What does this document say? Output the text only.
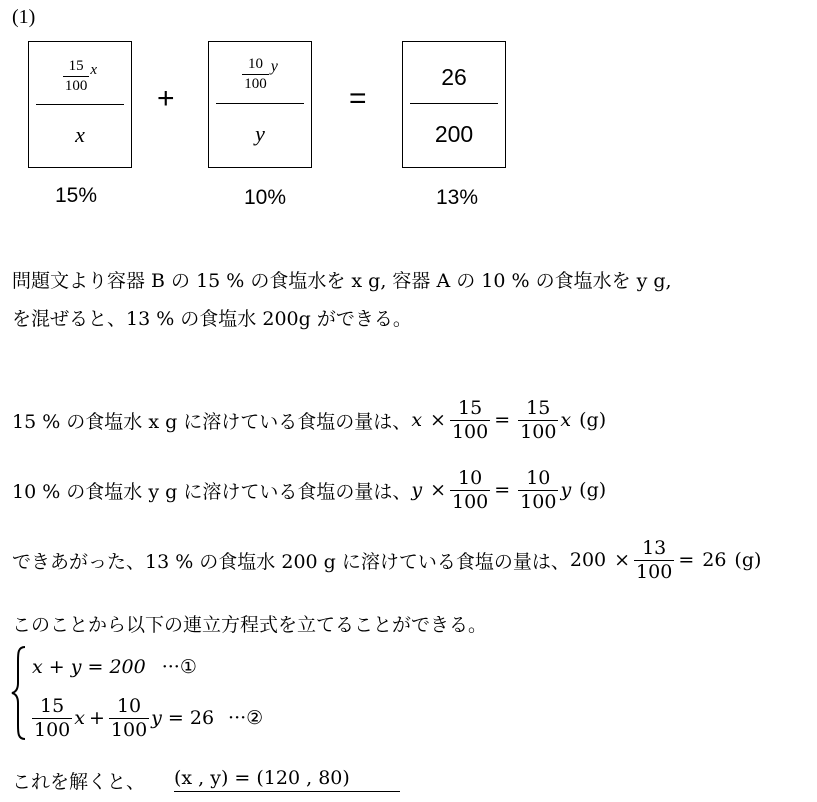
(1)
$\frac{15}{100}$ x
x
+
$\frac{10}{100}$ y
y
=
26
200
15%	10%	13%
問題文より容器 B の 15 % の食塩水を x g, 容器 A の 10 % の食塩水を y g,
を混ぜると、13 % の食塩水 200g ができる。
15 % の食塩水 x g に溶けている食塩の量は、 $x \times \frac{15}{100} = \frac{15}{100}$ x (g)
10 % の食塩水 y g に溶けている食塩の量は、 $y \times \frac{10}{100} = \frac{10}{100}$ y (g)
できあがった、13 % の食塩水 200 g に溶けている食塩の量は、 $200 \times \frac{13}{100} = 26$ (g)
このことから以下の連立方程式を立てることができる。
x + y = 200 ···①
$\frac{15}{100}$ $x + \frac{10}{100}$ y = 26 ···②
これを解くと、 (x , y) = (120 , 80)
